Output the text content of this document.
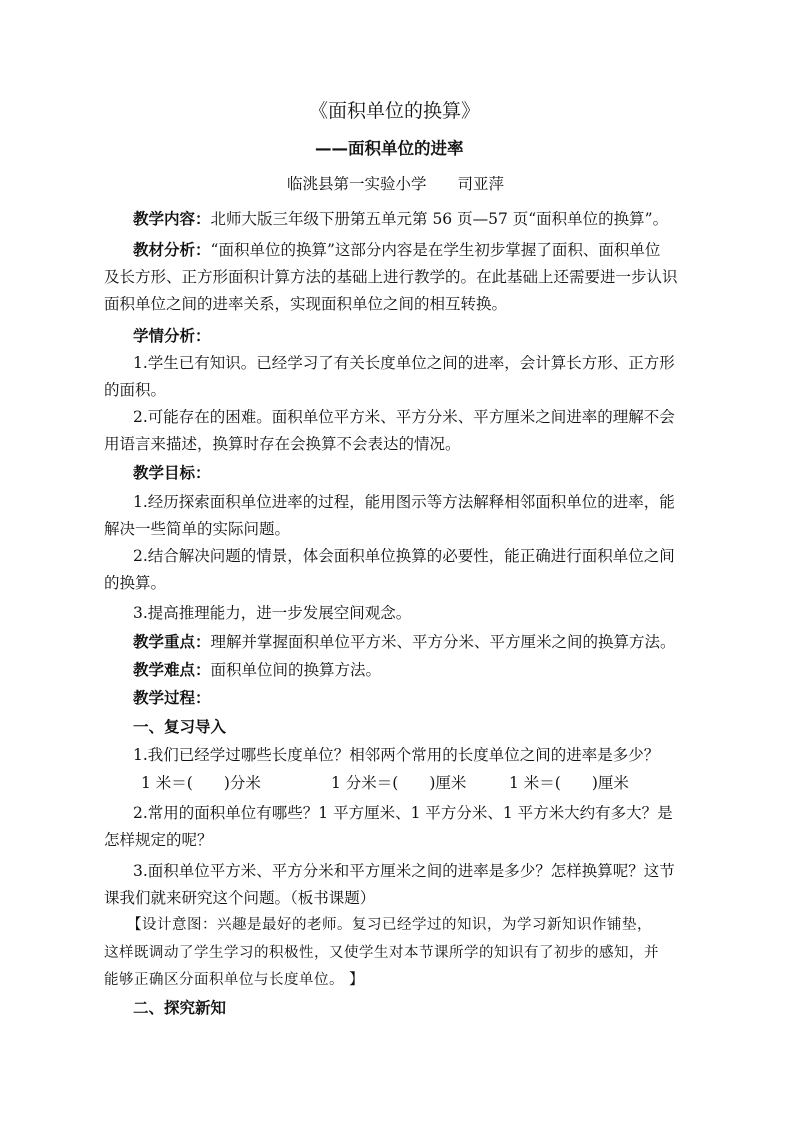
《面积单位的换算》
——面积单位的进率
临洮县第一实验小学　　司亚萍
教学内容：北师大版三年级下册第五单元第 56 页—57 页“面积单位的换算”。
教材分析：“面积单位的换算”这部分内容是在学生初步掌握了面积、面积单位
及长方形、正方形面积计算方法的基础上进行教学的。在此基础上还需要进一步认识
面积单位之间的进率关系，实现面积单位之间的相互转换。
学情分析：
1.学生已有知识。已经学习了有关长度单位之间的进率，会计算长方形、正方形
的面积。
2.可能存在的困难。面积单位平方米、平方分米、平方厘米之间进率的理解不会
用语言来描述，换算时存在会换算不会表达的情况。
教学目标：
1.经历探索面积单位进率的过程，能用图示等方法解释相邻面积单位的进率，能
解决一些简单的实际问题。
2.结合解决问题的情景，体会面积单位换算的必要性，能正确进行面积单位之间
的换算。
3.提高推理能力，进一步发展空间观念。
教学重点：理解并掌握面积单位平方米、平方分米、平方厘米之间的换算方法。
教学难点：面积单位间的换算方法。
教学过程：
一、复习导入
1.我们已经学过哪些长度单位？相邻两个常用的长度单位之间的进率是多少？
1 米＝(　　)分米	1 分米＝(　　)厘米	1 米＝(　　)厘米
2.常用的面积单位有哪些？1 平方厘米、1 平方分米、1 平方米大约有多大？是
怎样规定的呢？
3.面积单位平方米、平方分米和平方厘米之间的进率是多少？怎样换算呢？这节
课我们就来研究这个问题。（板书课题）
【设计意图：兴趣是最好的老师。复习已经学过的知识，为学习新知识作铺垫，
这样既调动了学生学习的积极性，又使学生对本节课所学的知识有了初步的感知，并
能够正确区分面积单位与长度单位。 】
二、探究新知
